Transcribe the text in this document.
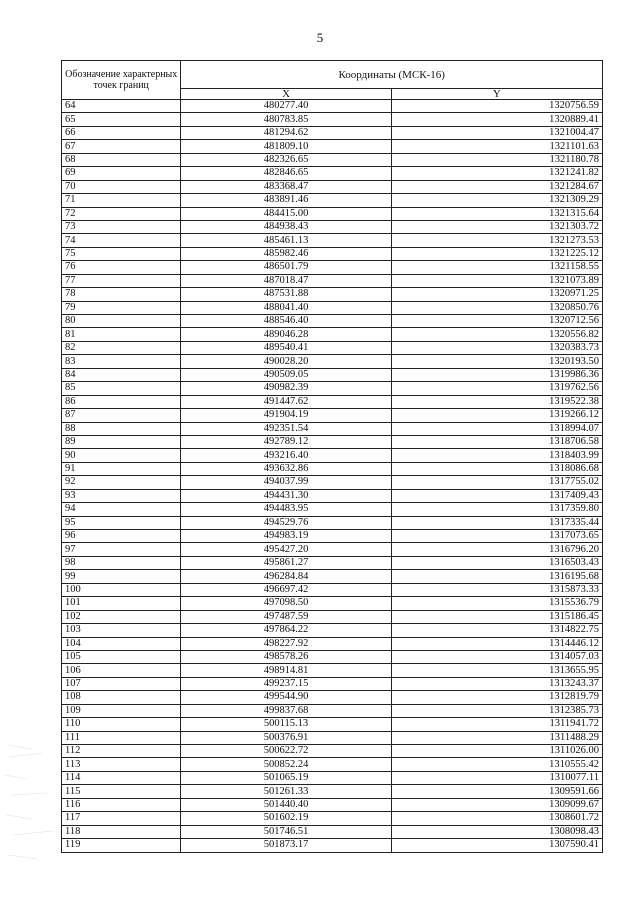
5
Обозначение характерных точек границ	Координаты (МСК-16)	
	X	Y
64	480277.40	1320756.59
65	480783.85	1320889.41
66	481294.62	1321004.47
67	481809.10	1321101.63
68	482326.65	1321180.78
69	482846.65	1321241.82
70	483368.47	1321284.67
71	483891.46	1321309.29
72	484415.00	1321315.64
73	484938.43	1321303.72
74	485461.13	1321273.53
75	485982.46	1321225.12
76	486501.79	1321158.55
77	487018.47	1321073.89
78	487531.88	1320971.25
79	488041.40	1320850.76
80	488546.40	1320712.56
81	489046.28	1320556.82
82	489540.41	1320383.73
83	490028.20	1320193.50
84	490509.05	1319986.36
85	490982.39	1319762.56
86	491447.62	1319522.38
87	491904.19	1319266.12
88	492351.54	1318994.07
89	492789.12	1318706.58
90	493216.40	1318403.99
91	493632.86	1318086.68
92	494037.99	1317755.02
93	494431.30	1317409.43
94	494483.95	1317359.80
95	494529.76	1317335.44
96	494983.19	1317073.65
97	495427.20	1316796.20
98	495861.27	1316503.43
99	496284.84	1316195.68
100	496697.42	1315873.33
101	497098.50	1315536.79
102	497487.59	1315186.45
103	497864.22	1314822.75
104	498227.92	1314446.12
105	498578.26	1314057.03
106	498914.81	1313655.95
107	499237.15	1313243.37
108	499544.90	1312819.79
109	499837.68	1312385.73
110	500115.13	1311941.72
111	500376.91	1311488.29
112	500622.72	1311026.00
113	500852.24	1310555.42
114	501065.19	1310077.11
115	501261.33	1309591.66
116	501440.40	1309099.67
117	501602.19	1308601.72
118	501746.51	1308098.43
119	501873.17	1307590.41
